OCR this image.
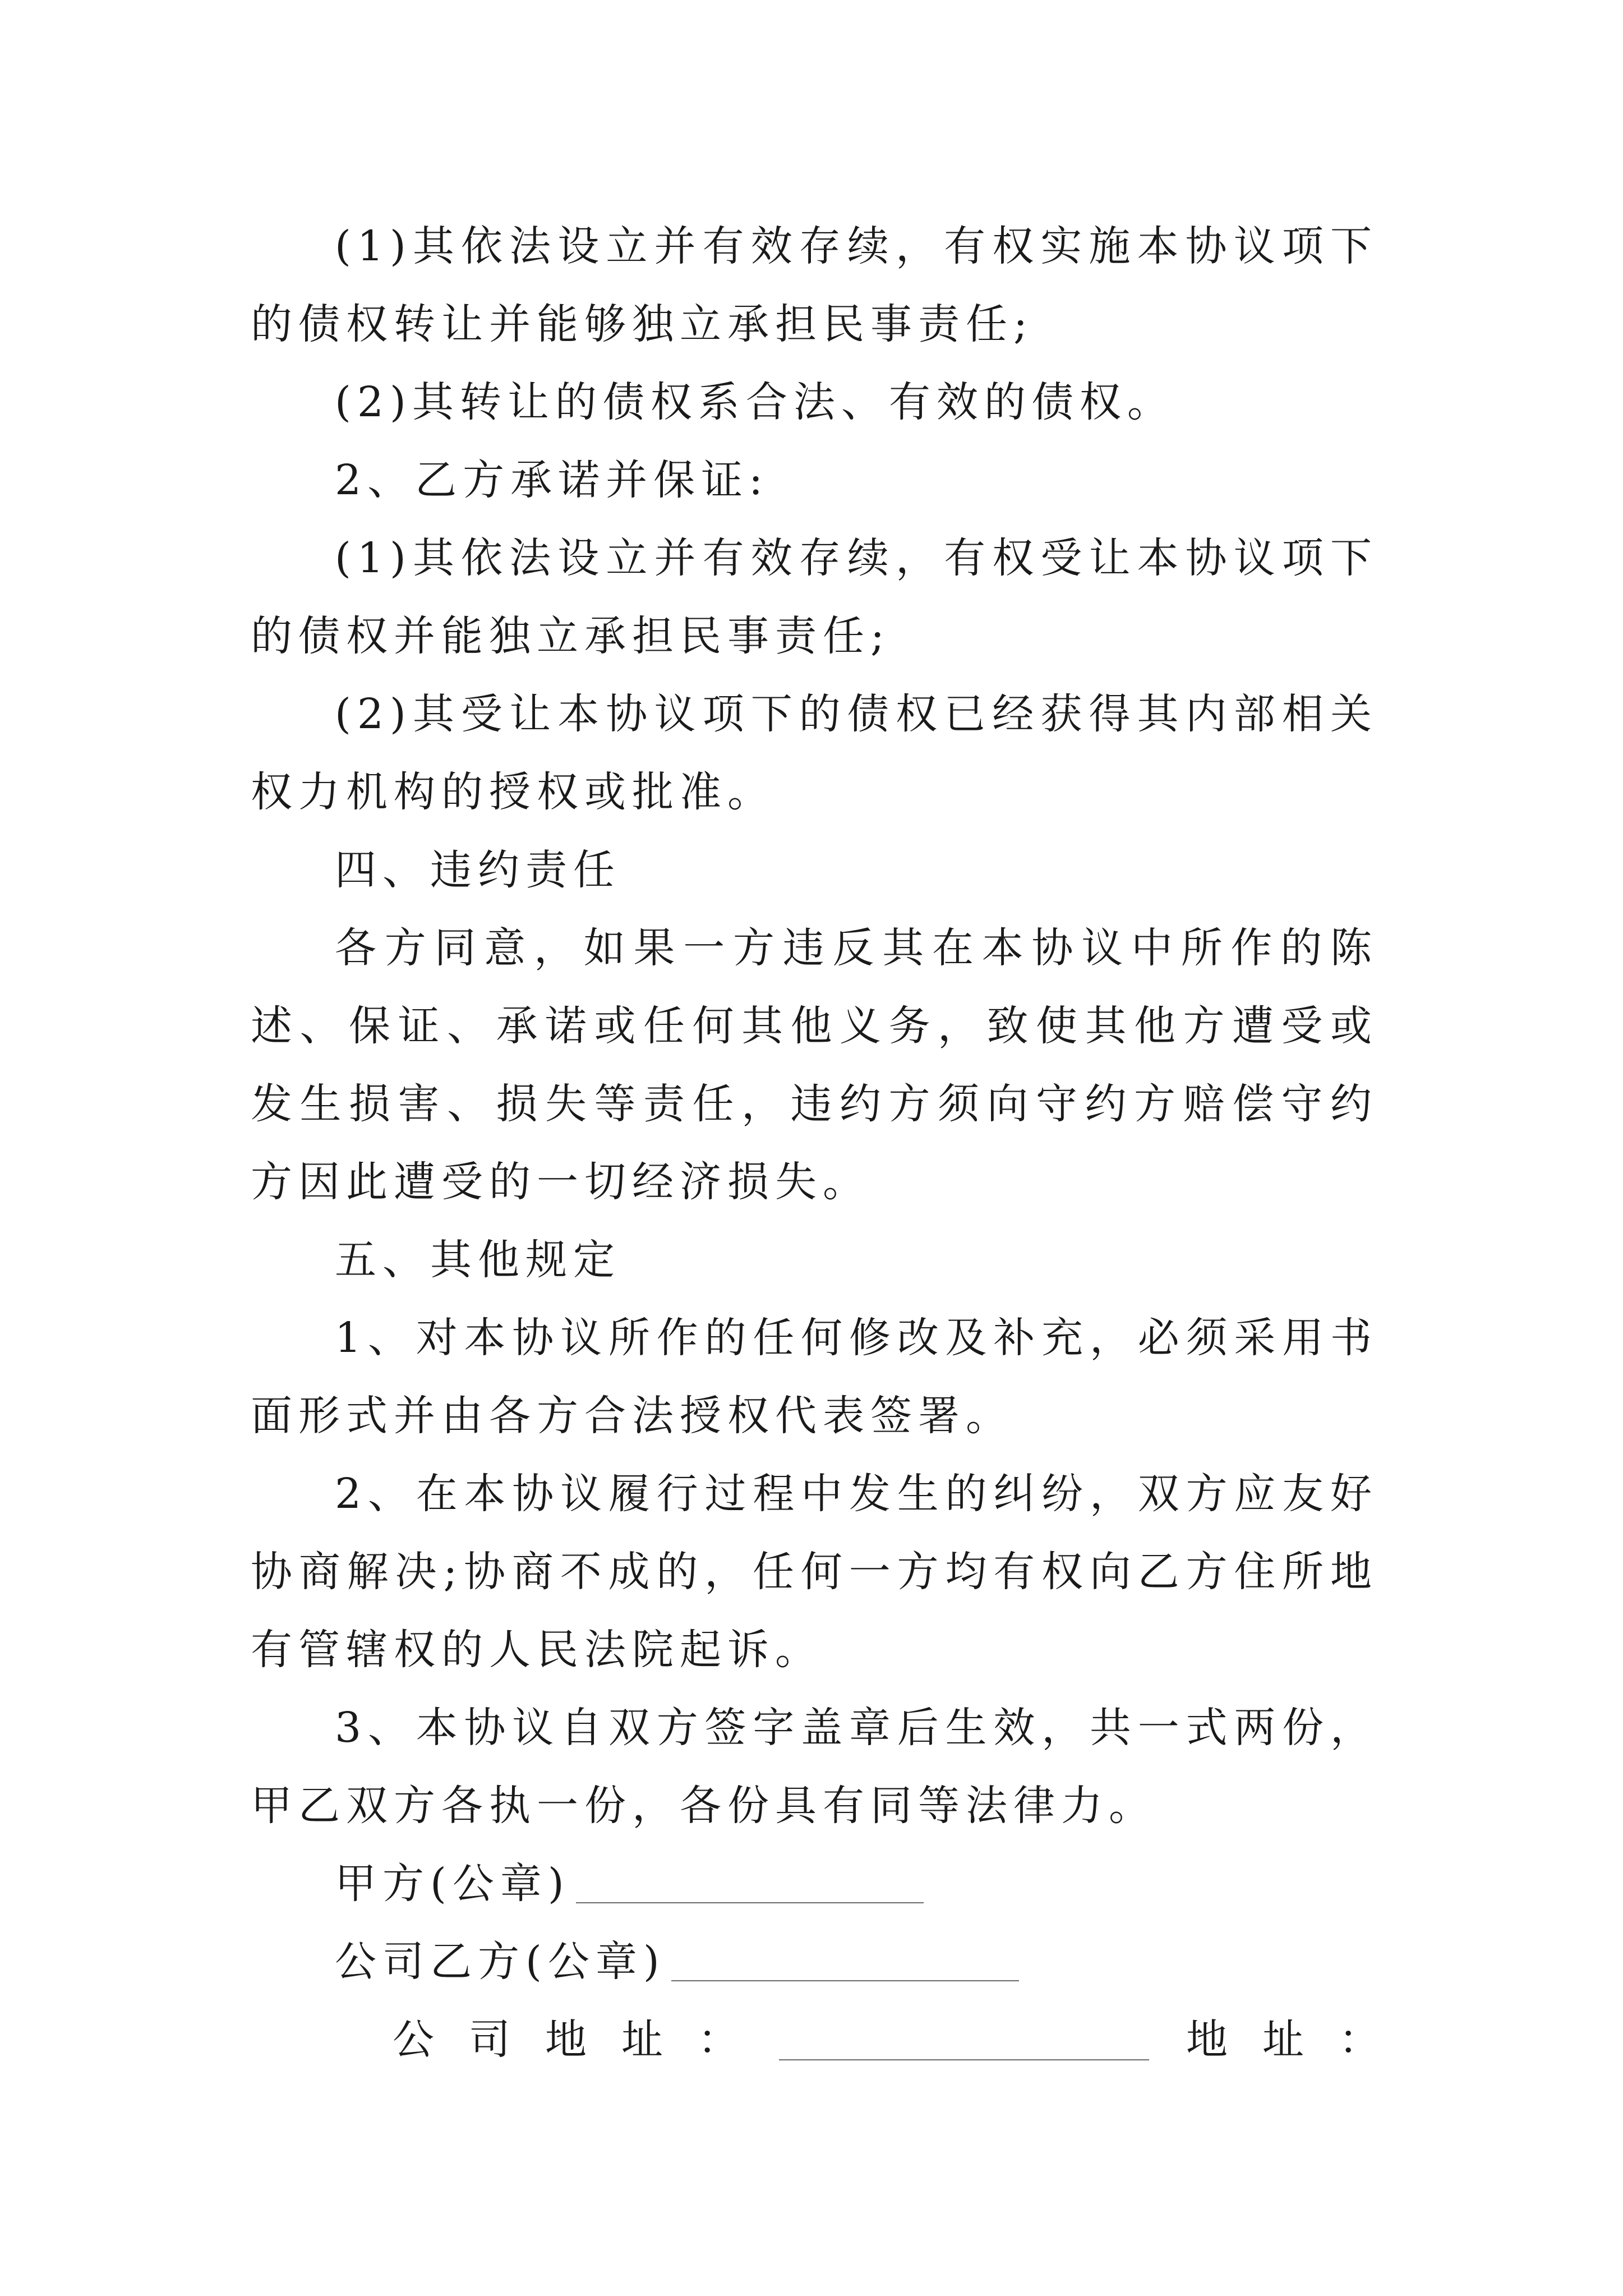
(1)其依法设立并有效存续，有权实施本协议项下的债权转让并能够独立承担民事责任;

(2)其转让的债权系合法、有效的债权。

2、乙方承诺并保证:

(1)其依法设立并有效存续，有权受让本协议项下的债权并能独立承担民事责任;

(2)其受让本协议项下的债权已经获得其内部相关权力机构的授权或批准。

四、违约责任

各方同意，如果一方违反其在本协议中所作的陈述、保证、承诺或任何其他义务，致使其他方遭受或发生损害、损失等责任，违约方须向守约方赔偿守约方因此遭受的一切经济损失。

五、其他规定

1、对本协议所作的任何修改及补充，必须采用书面形式并由各方合法授权代表签署。

2、在本协议履行过程中发生的纠纷，双方应友好协商解决;协商不成的，任何一方均有权向乙方住所地有管辖权的人民法院起诉。

3、本协议自双方签字盖章后生效，共一式两份，甲乙双方各执一份，各份具有同等法律力。

甲方(公章)
公司乙方(公章)
公司地址：	地址：
